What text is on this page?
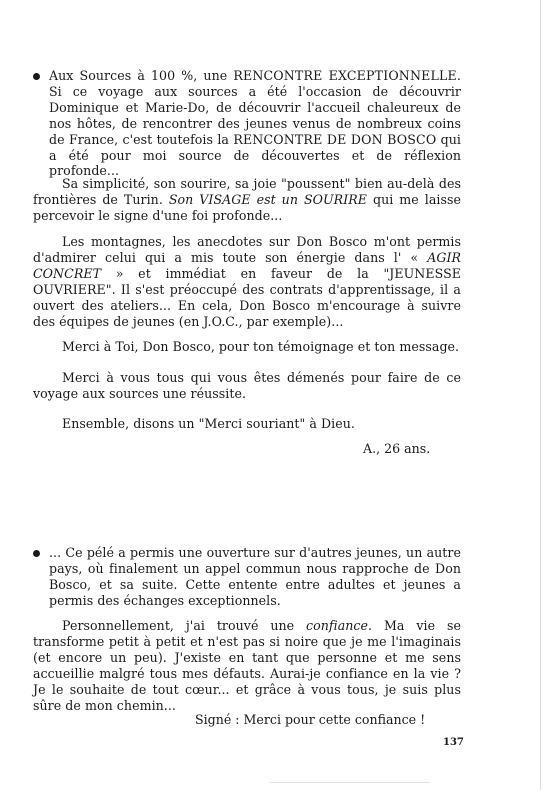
Aux Sources à 100 %, une RENCONTRE EXCEPTIONNELLE. Si ce voyage aux sources a été l'occasion de découvrir Dominique et Marie-Do, de découvrir l'accueil chaleureux de nos hôtes, de rencontrer des jeunes venus de nombreux coins de France, c'est toutefois la RENCONTRE DE DON BOSCO qui a été pour moi source de découvertes et de réflexion profonde...
Sa simplicité, son sourire, sa joie "poussent" bien au-delà des frontières de Turin. Son VISAGE est un SOURIRE qui me laisse percevoir le signe d'une foi profonde...
Les montagnes, les anecdotes sur Don Bosco m'ont permis d'admirer celui qui a mis toute son énergie dans l' « AGIR CONCRET » et immédiat en faveur de la "JEUNESSE OUVRIERE". Il s'est préoccupé des contrats d'apprentissage, il a ouvert des ateliers... En cela, Don Bosco m'encourage à suivre des équipes de jeunes (en J.O.C., par exemple)...
Merci à Toi, Don Bosco, pour ton témoignage et ton message.
Merci à vous tous qui vous êtes démenés pour faire de ce voyage aux sources une réussite.
Ensemble, disons un "Merci souriant" à Dieu.
A., 26 ans.
... Ce pélé a permis une ouverture sur d'autres jeunes, un autre pays, où finalement un appel commun nous rapproche de Don Bosco, et sa suite. Cette entente entre adultes et jeunes a permis des échanges exceptionnels.
Personnellement, j'ai trouvé une confiance. Ma vie se transforme petit à petit et n'est pas si noire que je me l'imaginais (et encore un peu). J'existe en tant que personne et me sens accueillie malgré tous mes défauts. Aurai-je confiance en la vie ? Je le souhaite de tout cœur... et grâce à vous tous, je suis plus sûre de mon chemin...
Signé : Merci pour cette confiance !
137
